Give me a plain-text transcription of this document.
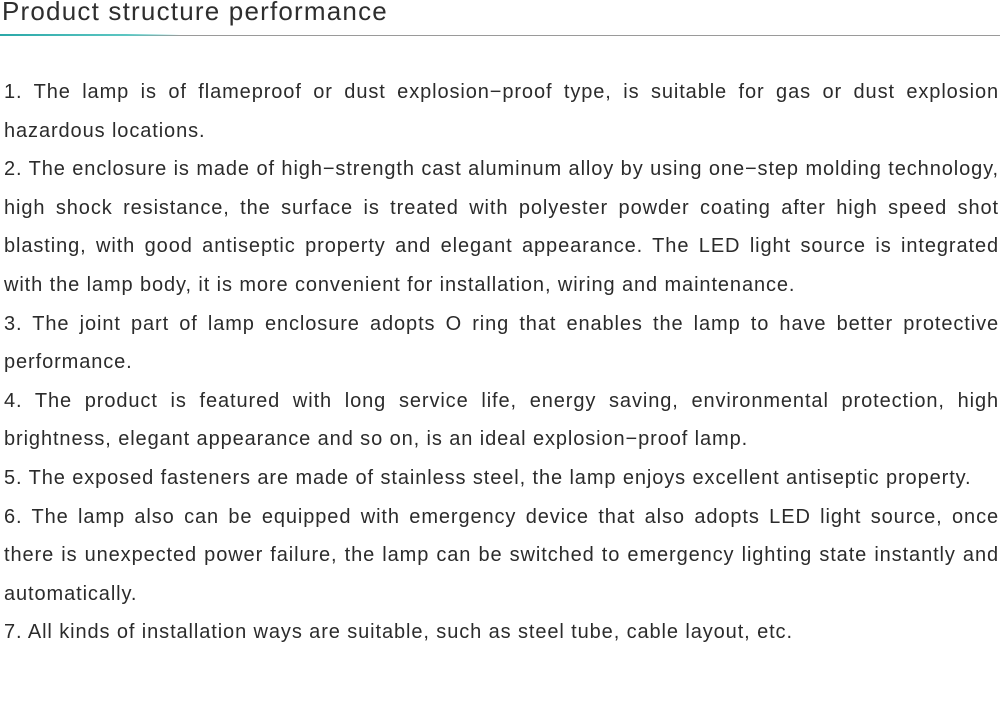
Product structure performance

1. The lamp is of flameproof or dust explosion−proof type, is suitable for gas or dust explosion hazardous locations.

2. The enclosure is made of high−strength cast aluminum alloy by using one−step molding technology, high shock resistance, the surface is treated with polyester powder coating after high speed shot blasting, with good antiseptic property and elegant appearance. The LED light source is integrated with the lamp body, it is more convenient for installation, wiring and maintenance.

3. The joint part of lamp enclosure adopts O ring that enables the lamp to have better protective performance.

4. The product is featured with long service life, energy saving, environmental protection, high brightness, elegant appearance and so on, is an ideal explosion−proof lamp.

5. The exposed fasteners are made of stainless steel, the lamp enjoys excellent antiseptic property.

6. The lamp also can be equipped with emergency device that also adopts LED light source, once there is unexpected power failure, the lamp can be switched to emergency lighting state instantly and automatically.

7. All kinds of installation ways are suitable, such as steel tube, cable layout, etc.
